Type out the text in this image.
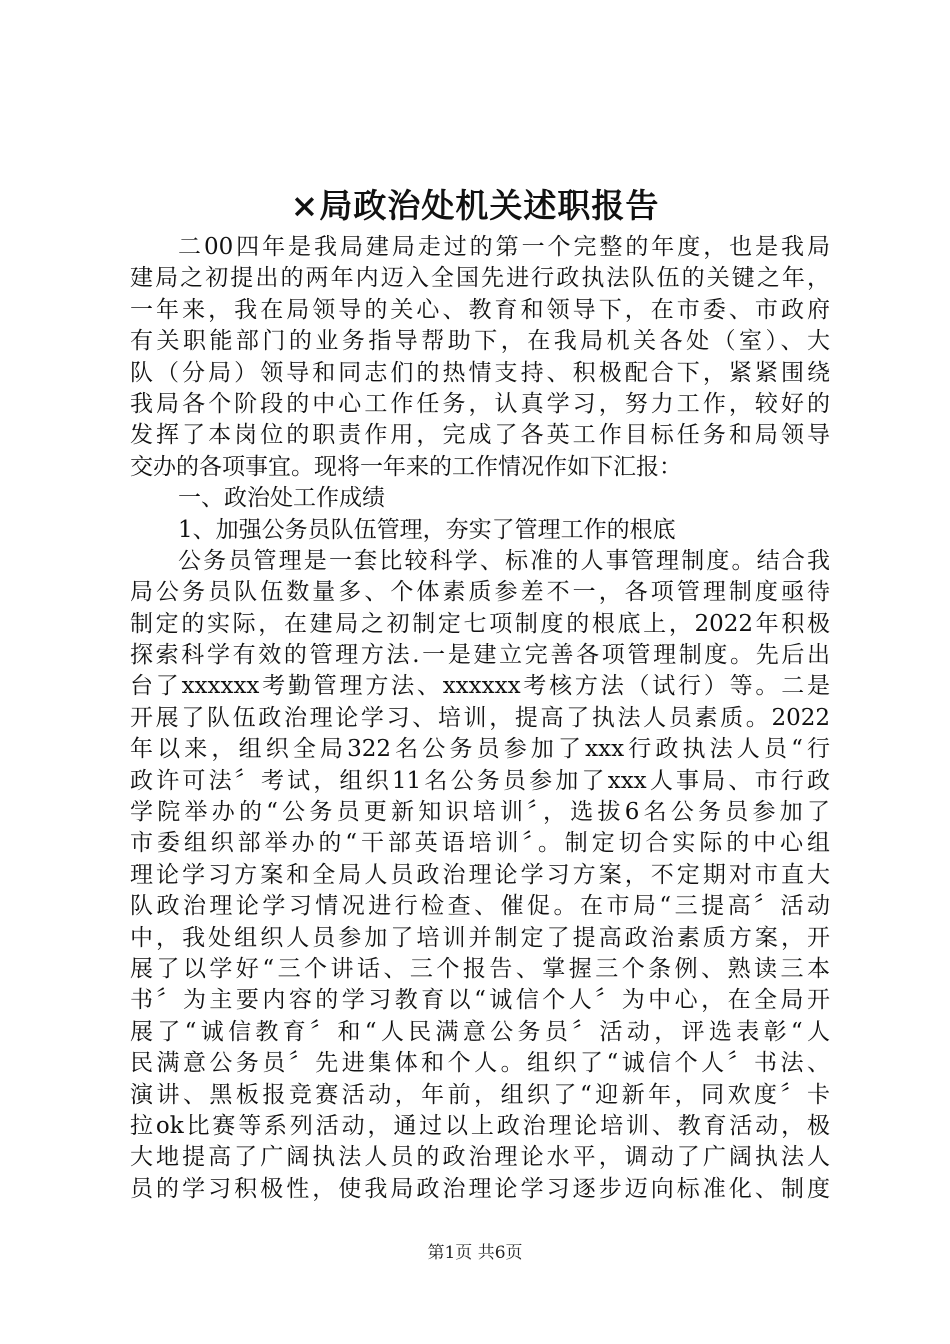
×局政治处机关述职报告
二00四年是我局建局走过的第一个完整的年度，也是我局
建局之初提出的两年内迈入全国先进行政执法队伍的关键之年，
一年来，我在局领导的关心、教育和领导下，在市委、市政府
有关职能部门的业务指导帮助下，在我局机关各处（室）、大
队（分局）领导和同志们的热情支持、积极配合下，紧紧围绕
我局各个阶段的中心工作任务，认真学习，努力工作，较好的
发挥了本岗位的职责作用，完成了各英工作目标任务和局领导
交办的各项事宜。现将一年来的工作情况作如下汇报：
一、政治处工作成绩
1、加强公务员队伍管理，夯实了管理工作的根底
公务员管理是一套比较科学、标准的人事管理制度。结合我
局公务员队伍数量多、个体素质参差不一，各项管理制度亟待
制定的实际，在建局之初制定七项制度的根底上，2022年积极
探索科学有效的管理方法.一是建立完善各项管理制度。先后出
台了xxxxxx考勤管理方法、xxxxxx考核方法（试行）等。二是
开展了队伍政治理论学习、培训，提高了执法人员素质。2022
年以来，组织全局322名公务员参加了xxx行政执法人员“行
政许可法〞考试，组织11名公务员参加了xxx人事局、市行政
学院举办的“公务员更新知识培训〞，选拔6名公务员参加了
市委组织部举办的“干部英语培训〞。制定切合实际的中心组
理论学习方案和全局人员政治理论学习方案，不定期对市直大
队政治理论学习情况进行检查、催促。在市局“三提高〞活动
中，我处组织人员参加了培训并制定了提高政治素质方案，开
展了以学好“三个讲话、三个报告、掌握三个条例、熟读三本
书〞为主要内容的学习教育以“诚信个人〞为中心，在全局开
展了“诚信教育〞和“人民满意公务员〞活动，评选表彰“人
民满意公务员〞先进集体和个人。组织了“诚信个人〞书法、
演讲、黑板报竞赛活动，年前，组织了“迎新年，同欢度〞卡
拉ok比赛等系列活动，通过以上政治理论培训、教育活动，极
大地提高了广阔执法人员的政治理论水平，调动了广阔执法人
员的学习积极性，使我局政治理论学习逐步迈向标准化、制度
第1页 共6页
